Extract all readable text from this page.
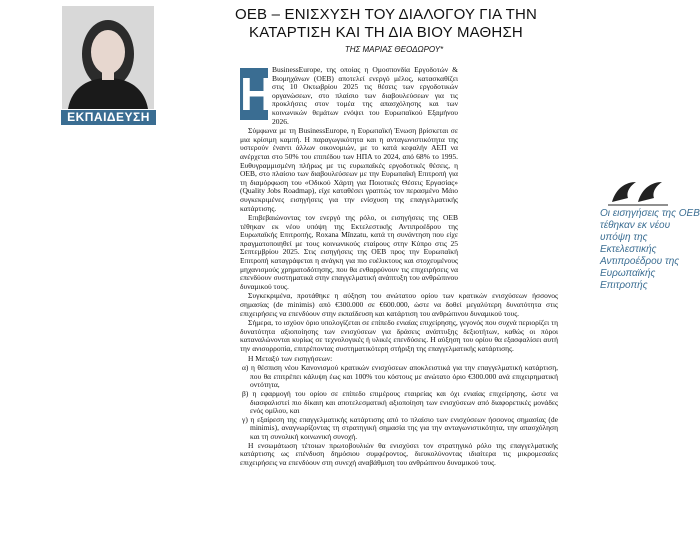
ΕΚΠΑΙΔΕΥΣΗ
ΟΕΒ – ΕΝΙΣΧΥΣΗ ΤΟΥ ΔΙΑΛΟΓΟΥ ΓΙΑ ΤΗΝ
ΚΑΤΑΡΤΙΣΗ ΚΑΙ ΤΗ ΔΙΑ ΒΙΟΥ ΜΑΘΗΣΗ
ΤΗΣ ΜΑΡΙΑΣ ΘΕΟΔΩΡΟΥ*
Η

BusinessEurope, της οποίας η Ομοσπονδία Εργοδοτών & Βιομηχάνων (ΟΕΒ) αποτελεί ενεργό μέλος, κατασκαθίζει στις 10 Οκτωβρίου 2025 τις θέσεις των εργοδοτικών οργανώσεων, στο πλαίσιο των διαβουλεύσεων για τις προκλήσεις στον τομέα της απασχόλησης και των κοινωνικών θεμάτων ενόψει του Ευρωπαϊκού Εξαμήνου 2026.

Σύμφωνα με τη BusinessEurope, η Ευρωπαϊκή Ένωση βρίσκεται σε μια κρίσιμη καμπή. Η παραγωγικότητα και η ανταγωνιστικότητα της υστερούν έναντι άλλων οικονομιών, με το κατά κεφαλήν ΑΕΠ να ανέρχεται στο 50% του επιπέδου των ΗΠΑ το 2024, από 68% το 1995. Ευθυγραμμισμένη πλήρως με τις ευρωπαϊκές εργοδοτικές θέσεις, η ΟΕΒ, στο πλαίσιο των διαβουλεύσεων με την Ευρωπαϊκή Επιτροπή για τη διαμόρφωση του «Οδικού Χάρτη για Ποιοτικές Θέσεις Εργασίας» (Quality Jobs Roadmap), είχε καταθέσει γραπτώς τον περασμένο Μάιο συγκεκριμένες εισηγήσεις για την ενίσχυση της επαγγελματικής κατάρτισης.

Επιβεβαιώνοντας τον ενεργό της ρόλο, οι εισηγήσεις της ΟΕΒ τέθηκαν εκ νέου υπόψη της Εκτελεστικής Αντιπροέδρου της Ευρωπαϊκής Επιτροπής, Roxana Mînzatu, κατά τη συνάντηση που είχε πραγματοποιηθεί με τους κοινωνικούς εταίρους στην Κύπρο στις 25 Σεπτεμβρίου 2025. Στις εισηγήσεις της ΟΕΒ προς την Ευρωπαϊκή Επιτροπή καταγράφεται η ανάγκη για πιο ευέλικτους και στοχευμένους μηχανισμούς χρηματοδότησης, που θα ενθαρρύνουν τις επιχειρήσεις να επενδύουν συστηματικά στην επαγγελματική ανάπτυξη του ανθρώπινου δυναμικού τους.

Συγκεκριμένα, προτάθηκε η αύξηση του ανώτατου ορίου των κρατικών ενισχύσεων ήσσονος σημασίας (de minimis) από €300.000 σε €600.000, ώστε να δοθεί μεγαλύτερη δυνατότητα στις επιχειρήσεις να επενδύουν στην εκπαίδευση και κατάρτιση του ανθρώπινου δυναμικού τους.

Σήμερα, το ισχύον όριο υπολογίζεται σε επίπεδο ενιαίας επιχείρησης, γεγονός που συχνά περιορίζει τη δυνατότητα αξιοποίησης των ενισχύσεων για δράσεις ανάπτυξης δεξιοτήτων, καθώς οι πόροι καταναλώνονται κυρίως σε τεχνολογικές ή υλικές επενδύσεις. Η αύξηση του ορίου θα εξασφαλίσει αυτή την ανισορροπία, επιτρέποντας συστηματικότερη στήριξη της επαγγελματικής κατάρτισης.

Η Μεταξύ των εισηγήσεων:

α) η θέσπιση νέου Κανονισμού κρατικών ενισχύσεων αποκλειστικά για την επαγγελματική κατάρτιση, που θα επιτρέπει κάλυψη έως και 100% του κόστους με ανώτατο όριο €300.000 ανά επιχειρηματική οντότητα,
β) η εφαρμογή του ορίου σε επίπεδο επιμέρους εταιρείας και όχι ενιαίας επιχείρησης, ώστε να διασφαλιστεί πιο δίκαιη και αποτελεσματική αξιοποίηση των ενισχύσεων από διαφορετικές μονάδες ενός ομίλου, και
γ) η εξαίρεση της επαγγελματικής κατάρτισης από το πλαίσιο των ενισχύσεων ήσσονος σημασίας (de minimis), αναγνωρίζοντας τη στρατηγική σημασία της για την ανταγωνιστικότητα, την απασχόληση και τη συνολική κοινωνική συνοχή.

Η ενσωμάτωση τέτοιων πρωτοβουλιών θα ενισχύσει τον στρατηγικό ρόλο της επαγγελματικής κατάρτισης ως επένδυση δημόσιου συμφέροντος, διευκολύνοντας ιδιαίτερα τις μικρομεσαίες επιχειρήσεις να επενδύουν στη συνεχή αναβάθμιση του ανθρώπινου δυναμικού τους.

Οι εισηγήσεις της ΟΕΒ τέθηκαν εκ νέου υπόψη της Εκτελεστικής Αντιπροέδρου της Ευρωπαϊκής Επιτροπής
